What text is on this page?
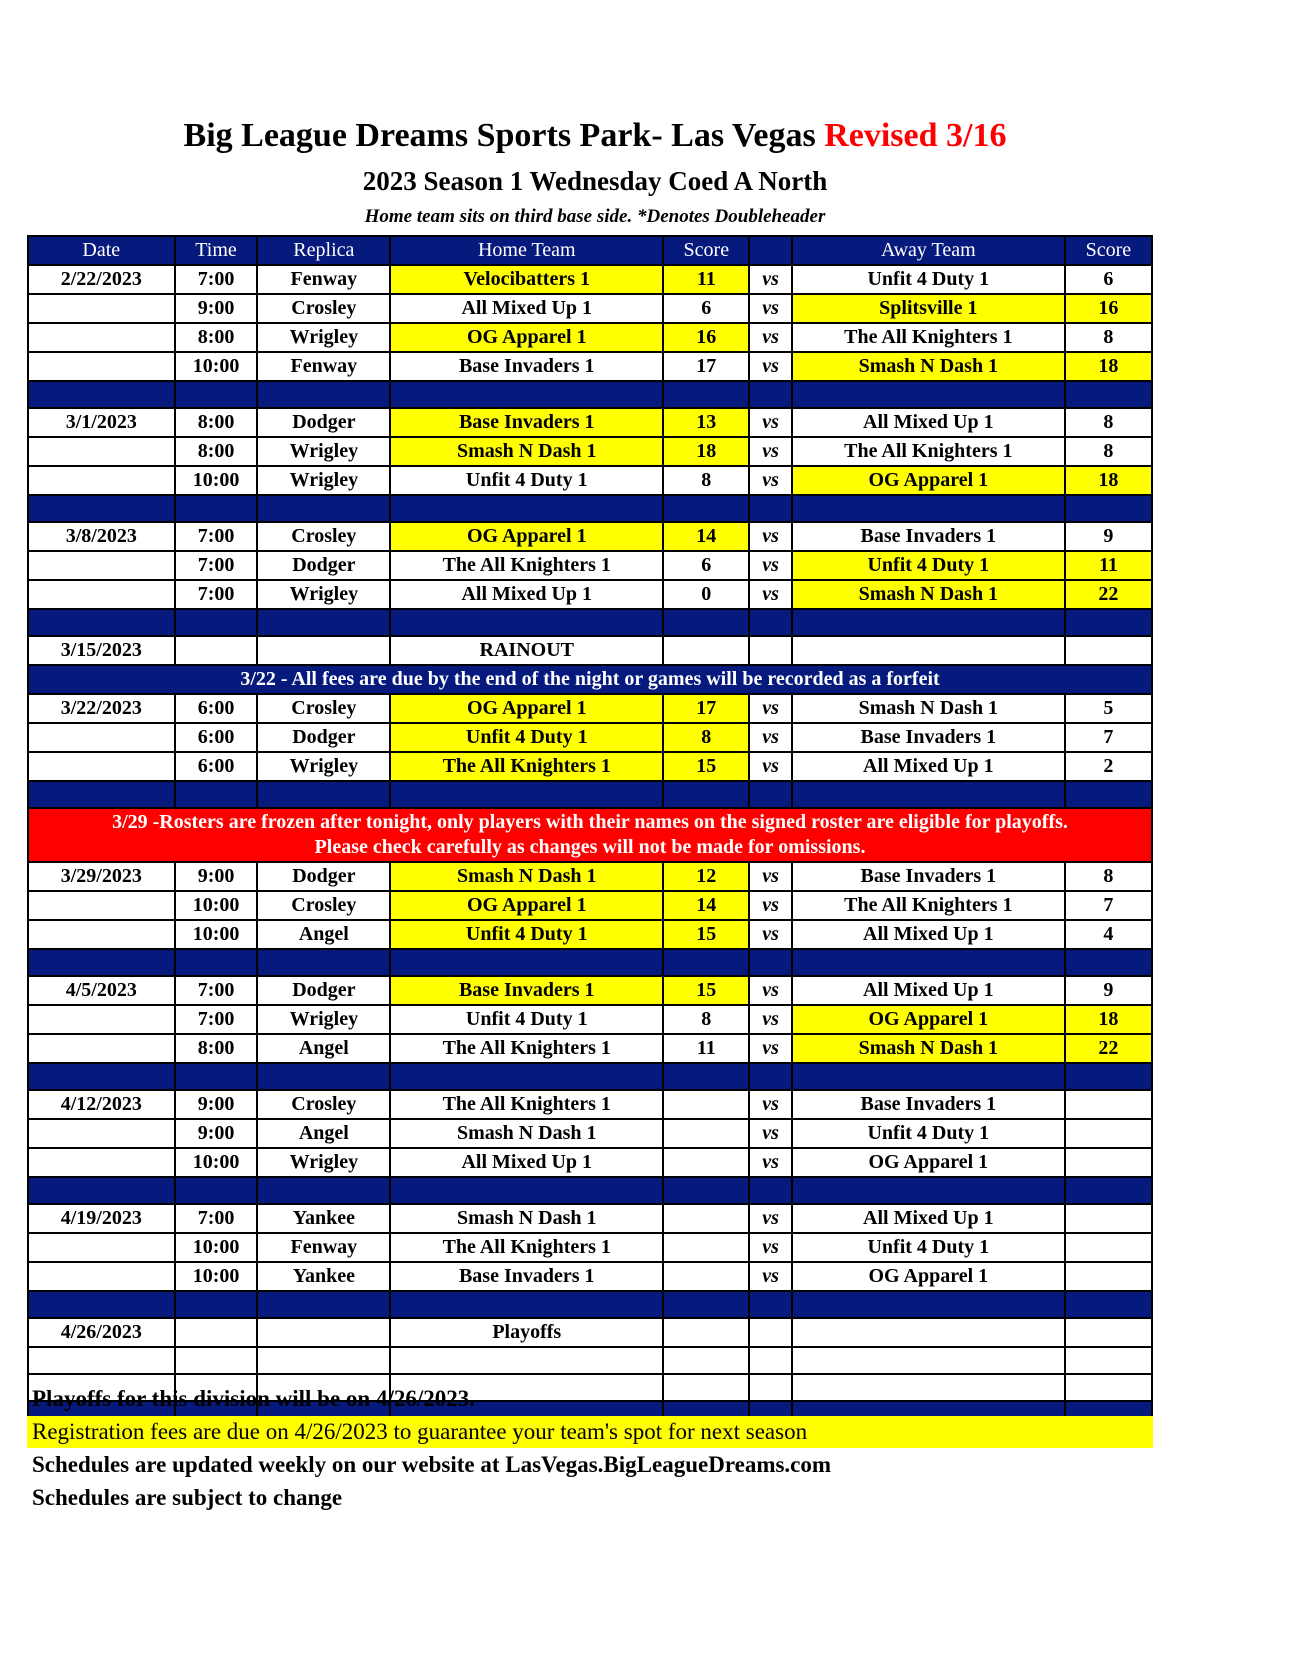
Big League Dreams Sports Park- Las Vegas Revised 3/16
2023 Season 1 Wednesday Coed A North
Home team sits on third base side. *Denotes Doubleheader
Date	Time	Replica	Home Team	Score		Away Team	Score
2/22/2023	7:00	Fenway	Velocibatters 1	11	vs	Unfit 4 Duty 1	6
	9:00	Crosley	All Mixed Up 1	6	vs	Splitsville 1	16
	8:00	Wrigley	OG Apparel 1	16	vs	The All Knighters 1	8
	10:00	Fenway	Base Invaders 1	17	vs	Smash N Dash 1	18

3/1/2023	8:00	Dodger	Base Invaders 1	13	vs	All Mixed Up 1	8
	8:00	Wrigley	Smash N Dash 1	18	vs	The All Knighters 1	8
	10:00	Wrigley	Unfit 4 Duty 1	8	vs	OG Apparel 1	18

3/8/2023	7:00	Crosley	OG Apparel 1	14	vs	Base Invaders 1	9
	7:00	Dodger	The All Knighters 1	6	vs	Unfit 4 Duty 1	11
	7:00	Wrigley	All Mixed Up 1	0	vs	Smash N Dash 1	22

3/15/2023			RAINOUT				
3/22 - All fees are due by the end of the night or games will be recorded as a forfeit							
3/22/2023	6:00	Crosley	OG Apparel 1	17	vs	Smash N Dash 1	5
	6:00	Dodger	Unfit 4 Duty 1	8	vs	Base Invaders 1	7
	6:00	Wrigley	The All Knighters 1	15	vs	All Mixed Up 1	2

3/29 -Rosters are frozen after tonight, only players with their names on the signed roster are eligible for playoffs.
Please check carefully as changes will not be made for omissions.							

3/29/2023	9:00	Dodger	Smash N Dash 1	12	vs	Base Invaders 1	8
	10:00	Crosley	OG Apparel 1	14	vs	The All Knighters 1	7
	10:00	Angel	Unfit 4 Duty 1	15	vs	All Mixed Up 1	4

4/5/2023	7:00	Dodger	Base Invaders 1	15	vs	All Mixed Up 1	9
	7:00	Wrigley	Unfit 4 Duty 1	8	vs	OG Apparel 1	18
	8:00	Angel	The All Knighters 1	11	vs	Smash N Dash 1	22

4/12/2023	9:00	Crosley	The All Knighters 1		vs	Base Invaders 1	
	9:00	Angel	Smash N Dash 1		vs	Unfit 4 Duty 1	
	10:00	Wrigley	All Mixed Up 1		vs	OG Apparel 1	

4/19/2023	7:00	Yankee	Smash N Dash 1		vs	All Mixed Up 1	
	10:00	Fenway	The All Knighters 1		vs	Unfit 4 Duty 1	
	10:00	Yankee	Base Invaders 1		vs	OG Apparel 1	

4/26/2023			Playoffs				

Playoffs for this division will be on 4/26/2023.
Registration fees are due on 4/26/2023 to guarantee your team's spot for next season
Schedules are updated weekly on our website at LasVegas.BigLeagueDreams.com
Schedules are subject to change
